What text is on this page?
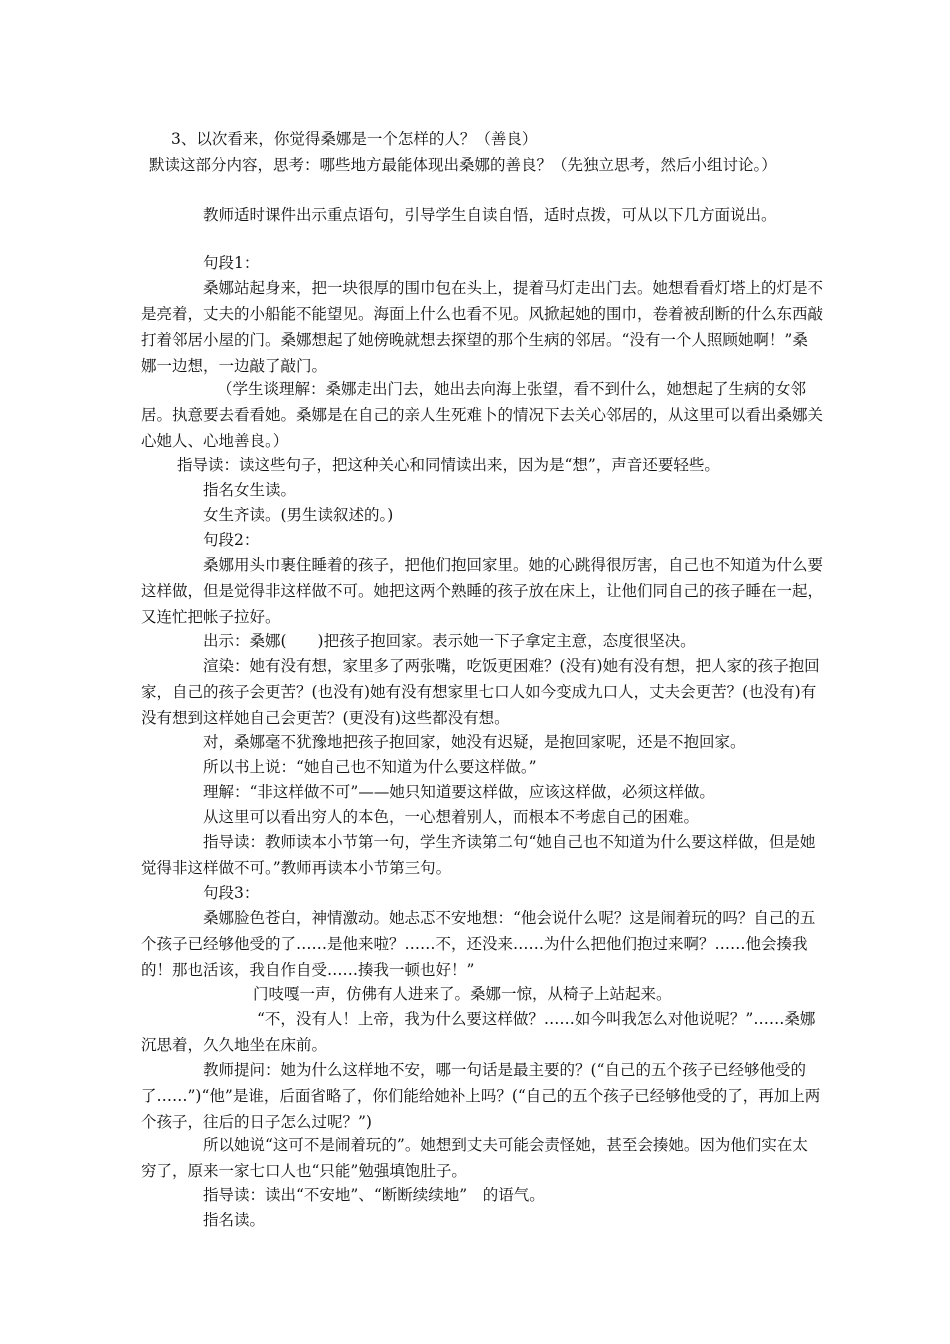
3、以次看来，你觉得桑娜是一个怎样的人？（善良）

默读这部分内容，思考：哪些地方最能体现出桑娜的善良？（先独立思考，然后小组讨论。）

教师适时课件出示重点语句，引导学生自读自悟，适时点拨，可从以下几方面说出。

句段1：

桑娜站起身来，把一块很厚的围巾包在头上，提着马灯走出门去。她想看看灯塔上的灯是不是亮着，丈夫的小船能不能望见。海面上什么也看不见。风掀起她的围巾，卷着被刮断的什么东西敲打着邻居小屋的门。桑娜想起了她傍晚就想去探望的那个生病的邻居。“没有一个人照顾她啊！”桑娜一边想，一边敲了敲门。

（学生谈理解：桑娜走出门去，她出去向海上张望，看不到什么，她想起了生病的女邻居。执意要去看看她。桑娜是在自己的亲人生死难卜的情况下去关心邻居的，从这里可以看出桑娜关心她人、心地善良。）

指导读：读这些句子，把这种关心和同情读出来，因为是“想”，声音还要轻些。

指名女生读。

女生齐读。(男生读叙述的。)

句段2：

桑娜用头巾裹住睡着的孩子，把他们抱回家里。她的心跳得很厉害，自己也不知道为什么要这样做，但是觉得非这样做不可。她把这两个熟睡的孩子放在床上，让他们同自己的孩子睡在一起，又连忙把帐子拉好。

出示：桑娜(　　)把孩子抱回家。表示她一下子拿定主意，态度很坚决。

渲染：她有没有想，家里多了两张嘴，吃饭更困难？(没有)她有没有想，把人家的孩子抱回家，自己的孩子会更苦？(也没有)她有没有想家里七口人如今变成九口人，丈夫会更苦？(也没有)有没有想到这样她自己会更苦？(更没有)这些都没有想。

对，桑娜毫不犹豫地把孩子抱回家，她没有迟疑，是抱回家呢，还是不抱回家。

所以书上说：“她自己也不知道为什么要这样做。”

理解：“非这样做不可”——她只知道要这样做，应该这样做，必须这样做。

从这里可以看出穷人的本色，一心想着别人，而根本不考虑自己的困难。

指导读：教师读本小节第一句，学生齐读第二句“她自己也不知道为什么要这样做，但是她觉得非这样做不可。”教师再读本小节第三句。

句段3：

桑娜脸色苍白，神情激动。她忐忑不安地想：“他会说什么呢？这是闹着玩的吗？自己的五个孩子已经够他受的了……是他来啦？……不，还没来……为什么把他们抱过来啊？……他会揍我的！那也活该，我自作自受……揍我一顿也好！”

门吱嘎一声，仿佛有人进来了。桑娜一惊，从椅子上站起来。

“不，没有人！上帝，我为什么要这样做？……如今叫我怎么对他说呢？”……桑娜沉思着，久久地坐在床前。

教师提问：她为什么这样地不安，哪一句话是最主要的？(“自己的五个孩子已经够他受的了……”)“他”是谁，后面省略了，你们能给她补上吗？(“自己的五个孩子已经够他受的了，再加上两个孩子，往后的日子怎么过呢？”)

所以她说“这可不是闹着玩的”。她想到丈夫可能会责怪她，甚至会揍她。因为他们实在太穷了，原来一家七口人也“只能”勉强填饱肚子。

指导读：读出“不安地”、“断断续续地”　的语气。

指名读。
